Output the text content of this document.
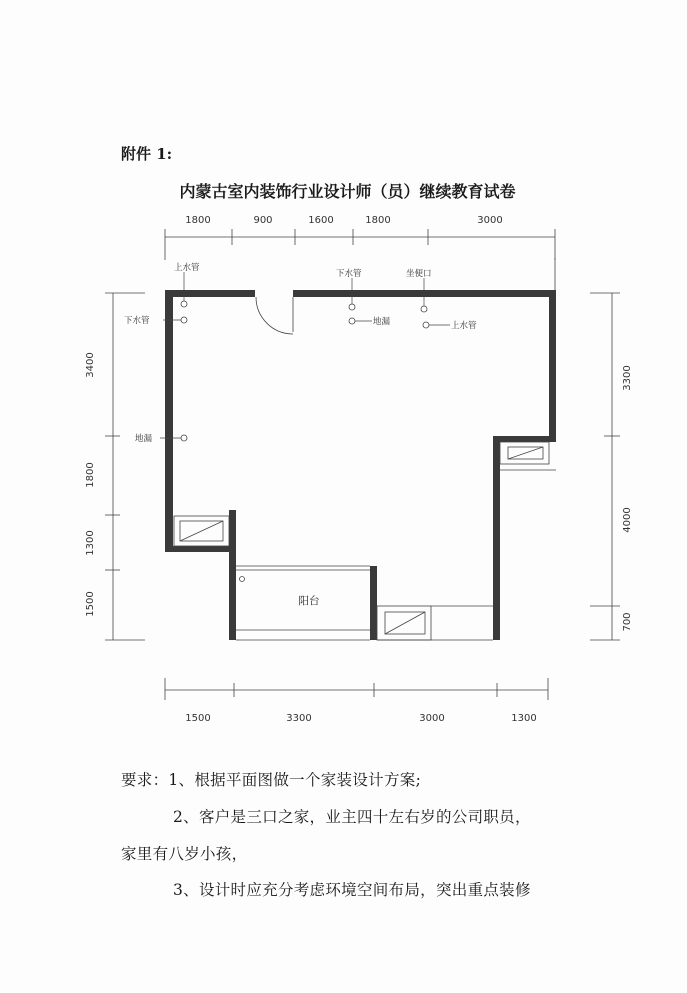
附件 1:
内蒙古室内装饰行业设计师（员）继续教育试卷
1800	900	1600	1800	3000
1500	3300	3000	1300
3400
1800
1300
1500
3300
4000
700
上水管
下水管	坐便口
地漏	上水管
下水管
地漏
阳台
要求：1、根据平面图做一个家装设计方案;
2、客户是三口之家，业主四十左右岁的公司职员，
家里有八岁小孩，
3、设计时应充分考虑环境空间布局，突出重点装修
